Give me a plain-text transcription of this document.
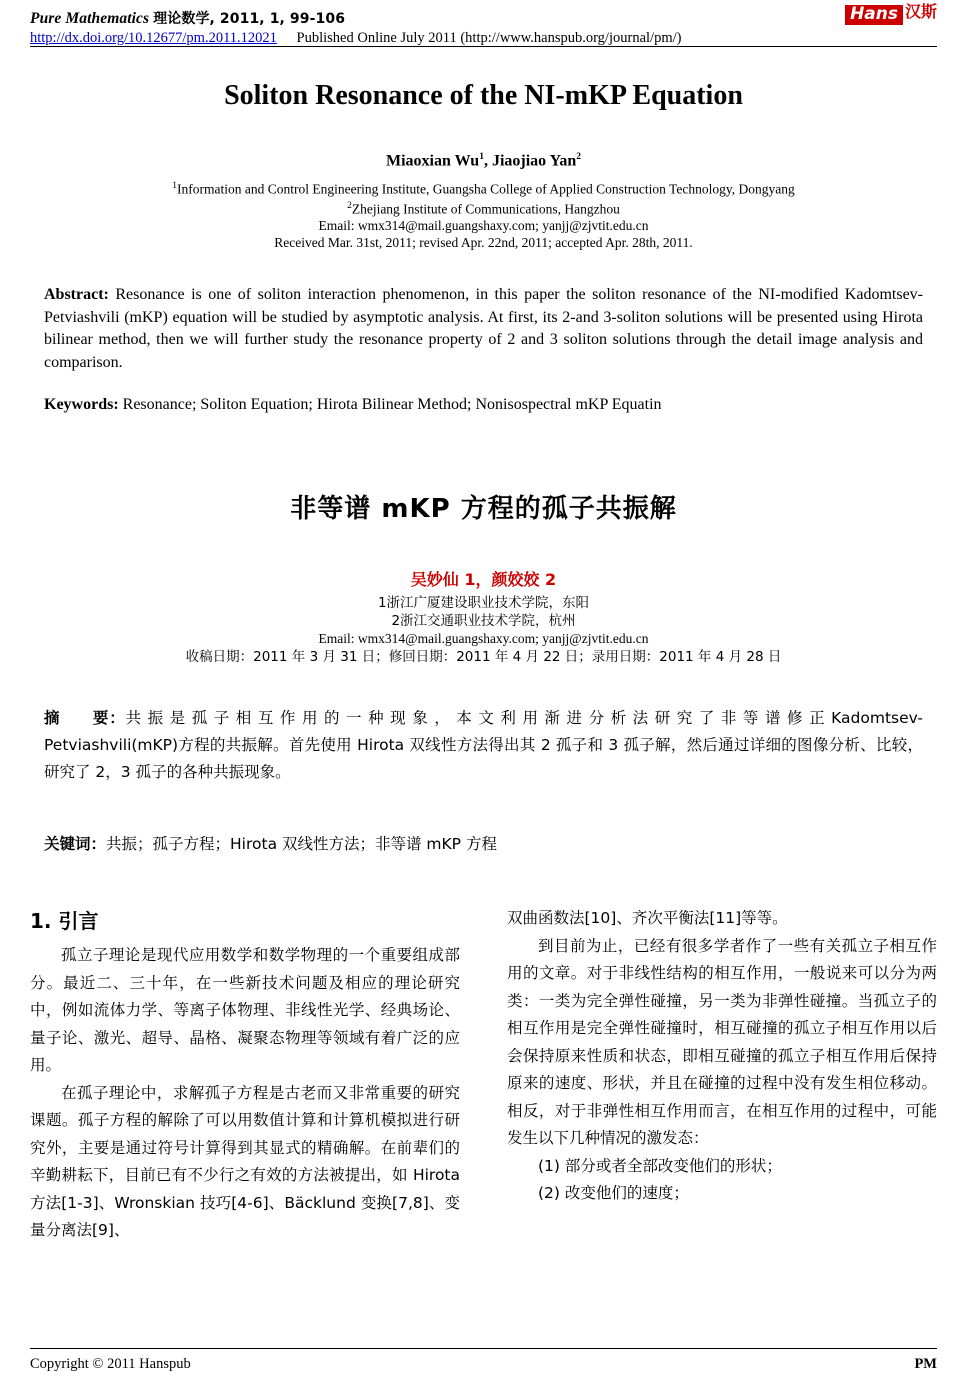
Pure Mathematics 理论数学, 2011, 1, 99-106
http://dx.doi.org/10.12677/pm.2011.12021 Published Online July 2011 (http://www.hanspub.org/journal/pm/)
Hans 汉斯
Soliton Resonance of the NI-mKP Equation
Miaoxian Wu$^1$, Jiaojiao Yan$^2$
$^1$Information and Control Engineering Institute, Guangsha College of Applied Construction Technology, Dongyang
$^2$Zhejiang Institute of Communications, Hangzhou
Email: wmx314@mail.guangshaxy.com; yanjj@zjvtit.edu.cn
Received Mar. 31st, 2011; revised Apr. 22nd, 2011; accepted Apr. 28th, 2011.
Abstract: Resonance is one of soliton interaction phenomenon, in this paper the soliton resonance of the NI-modified Kadomtsev-Petviashvili (mKP) equation will be studied by asymptotic analysis. At first, its 2-and 3-soliton solutions will be presented using Hirota bilinear method, then we will further study the resonance property of 2 and 3 soliton solutions through the detail image analysis and comparison.
Keywords: Resonance; Soliton Equation; Hirota Bilinear Method; Nonisospectral mKP Equatin
非等谱 mKP 方程的孤子共振解
吴妙仙 1，颜姣姣 2
1浙江广厦建设职业技术学院，东阳
2浙江交通职业技术学院，杭州
Email: wmx314@mail.guangshaxy.com; yanjj@zjvtit.edu.cn
收稿日期：2011 年 3 月 31 日；修回日期：2011 年 4 月 22 日；录用日期：2011 年 4 月 28 日
摘　　要：共 振 是 孤 子 相 互 作 用 的 一 种 现 象 ， 本 文 利 用 渐 进 分 析 法 研 究 了 非 等 谱 修 正 Kadomtsev-Petviashvili(mKP)方程的共振解。首先使用 Hirota 双线性方法得出其 2 孤子和 3 孤子解，然后通过详细的图像分析、比较，研究了 2，3 孤子的各种共振现象。
关键词：共振；孤子方程；Hirota 双线性方法；非等谱 mKP 方程
1. 引言

孤立子理论是现代应用数学和数学物理的一个重要组成部分。最近二、三十年，在一些新技术问题及相应的理论研究中，例如流体力学、等离子体物理、非线性光学、经典场论、量子论、激光、超导、晶格、凝聚态物理等领域有着广泛的应用。

在孤子理论中，求解孤子方程是古老而又非常重要的研究课题。孤子方程的解除了可以用数值计算和计算机模拟进行研究外，主要是通过符号计算得到其显式的精确解。在前辈们的辛勤耕耘下，目前已有不少行之有效的方法被提出，如 Hirota 方法[1-3]、Wronskian 技巧[4-6]、Bäcklund 变换[7,8]、变量分离法[9]、

双曲函数法[10]、齐次平衡法[11]等等。

到目前为止，已经有很多学者作了一些有关孤立子相互作用的文章。对于非线性结构的相互作用，一般说来可以分为两类：一类为完全弹性碰撞，另一类为非弹性碰撞。当孤立子的相互作用是完全弹性碰撞时，相互碰撞的孤立子相互作用以后会保持原来性质和状态，即相互碰撞的孤立子相互作用后保持原来的速度、形状，并且在碰撞的过程中没有发生相位移动。相反，对于非弹性相互作用而言，在相互作用的过程中，可能发生以下几种情况的激发态：

(1) 部分或者全部改变他们的形状；

(2) 改变他们的速度；

Copyright © 2011 Hanspub	PM
